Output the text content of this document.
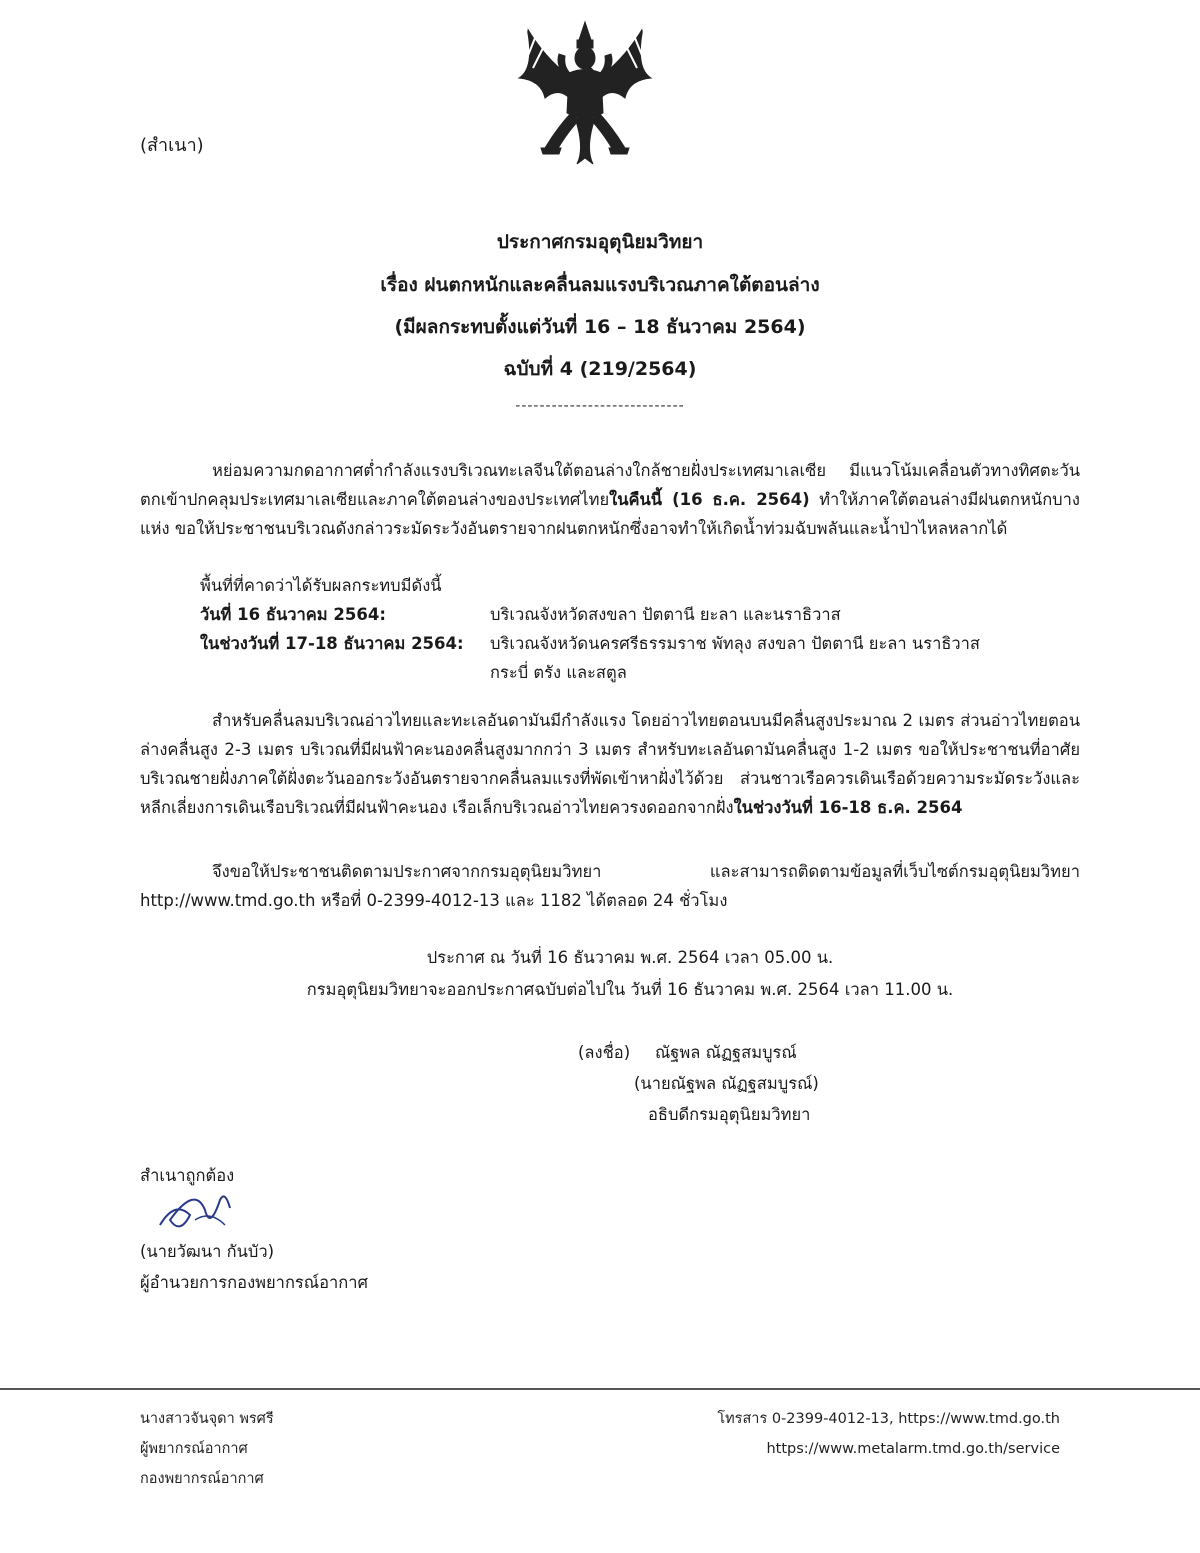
(สำเนา)
ประกาศกรมอุตุนิยมวิทยา
เรื่อง ฝนตกหนักและคลื่นลมแรงบริเวณภาคใต้ตอนล่าง
(มีผลกระทบตั้งแต่วันที่ 16 – 18 ธันวาคม 2564)
ฉบับที่ 4 (219/2564)
----------------------------
หย่อมความกดอากาศต่ำกำลังแรงบริเวณทะเลจีนใต้ตอนล่างใกล้ชายฝั่งประเทศมาเลเซีย มีแนวโน้มเคลื่อนตัวทางทิศตะวันตกเข้าปกคลุมประเทศมาเลเซียและภาคใต้ตอนล่างของประเทศไทยในคืนนี้ (16 ธ.ค. 2564) ทำให้ภาคใต้ตอนล่างมีฝนตกหนักบางแห่ง ขอให้ประชาชนบริเวณดังกล่าวระมัดระวังอันตรายจากฝนตกหนักซึ่งอาจทำให้เกิดน้ำท่วมฉับพลันและน้ำป่าไหลหลากได้
พื้นที่ที่คาดว่าได้รับผลกระทบมีดังนี้
วันที่ 16 ธันวาคม 2564:	บริเวณจังหวัดสงขลา ปัตตานี ยะลา และนราธิวาส
ในช่วงวันที่ 17-18 ธันวาคม 2564:	บริเวณจังหวัดนครศรีธรรมราช พัทลุง สงขลา ปัตตานี ยะลา นราธิวาส
กระบี่ ตรัง และสตูล
สำหรับคลื่นลมบริเวณอ่าวไทยและทะเลอันดามันมีกำลังแรง โดยอ่าวไทยตอนบนมีคลื่นสูงประมาณ 2 เมตร ส่วนอ่าวไทยตอนล่างคลื่นสูง 2-3 เมตร บริเวณที่มีฝนฟ้าคะนองคลื่นสูงมากกว่า 3 เมตร สำหรับทะเลอันดามันคลื่นสูง 1-2 เมตร ขอให้ประชาชนที่อาศัยบริเวณชายฝั่งภาคใต้ฝั่งตะวันออกระวังอันตรายจากคลื่นลมแรงที่พัดเข้าหาฝั่งไว้ด้วย ส่วนชาวเรือควรเดินเรือด้วยความระมัดระวังและหลีกเลี่ยงการเดินเรือบริเวณที่มีฝนฟ้าคะนอง เรือเล็กบริเวณอ่าวไทยควรงดออกจากฝั่งในช่วงวันที่ 16-18 ธ.ค. 2564
จึงขอให้ประชาชนติดตามประกาศจากกรมอุตุนิยมวิทยา และสามารถติดตามข้อมูลที่เว็บไซต์กรมอุตุนิยมวิทยา http://www.tmd.go.th หรือที่ 0-2399-4012-13 และ 1182 ได้ตลอด 24 ชั่วโมง
ประกาศ ณ วันที่ 16 ธันวาคม พ.ศ. 2564 เวลา 05.00 น.
กรมอุตุนิยมวิทยาจะออกประกาศฉบับต่อไปใน วันที่ 16 ธันวาคม พ.ศ. 2564 เวลา 11.00 น.
(ลงชื่อ) ณัฐพล ณัฏฐสมบูรณ์
(นายณัฐพล ณัฏฐสมบูรณ์)
อธิบดีกรมอุตุนิยมวิทยา
สำเนาถูกต้อง
(นายวัฒนา กันบัว)
ผู้อำนวยการกองพยากรณ์อากาศ
นางสาวจันจุดา พรศรี
ผู้พยากรณ์อากาศ
กองพยากรณ์อากาศ
โทรสาร 0-2399-4012-13, https://www.tmd.go.th
https://www.metalarm.tmd.go.th/service
